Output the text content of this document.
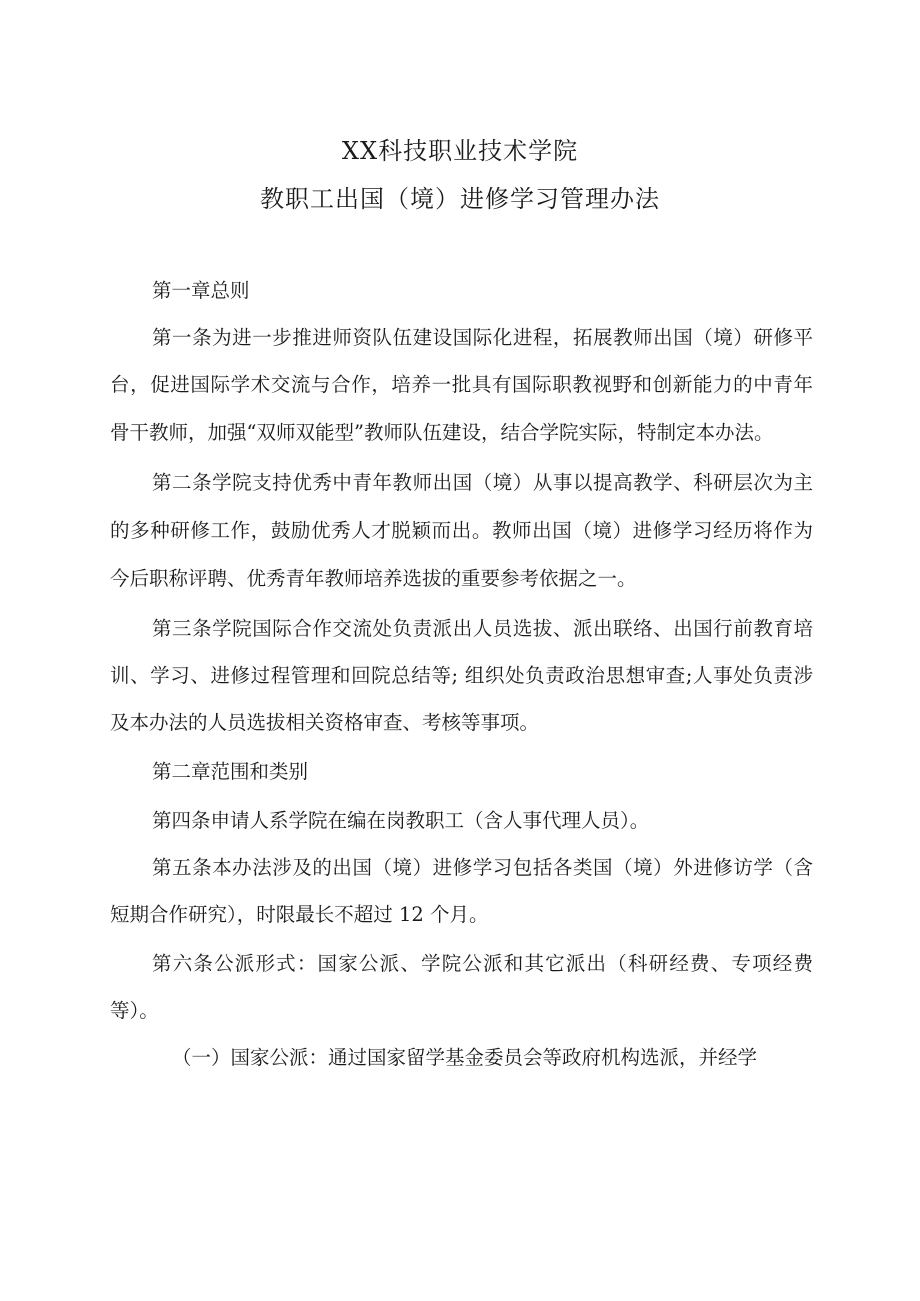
XX科技职业技术学院
教职工出国（境）进修学习管理办法
第一章总则
第一条为进一步推进师资队伍建设国际化进程，拓展教师出国（境）研修平
台，促进国际学术交流与合作，培养一批具有国际职教视野和创新能力的中青年
骨干教师，加强“双师双能型”教师队伍建设，结合学院实际，特制定本办法。
第二条学院支持优秀中青年教师出国（境）从事以提高教学、科研层次为主
的多种研修工作，鼓励优秀人才脱颖而出。教师出国（境）进修学习经历将作为
今后职称评聘、优秀青年教师培养选拔的重要参考依据之一。
第三条学院国际合作交流处负责派出人员选拔、派出联络、出国行前教育培
训、学习、进修过程管理和回院总结等; 组织处负责政治思想审查;人事处负责涉
及本办法的人员选拔相关资格审查、考核等事项。
第二章范围和类别
第四条申请人系学院在编在岗教职工（含人事代理人员）。
第五条本办法涉及的出国（境）进修学习包括各类国（境）外进修访学（含
短期合作研究），时限最长不超过 12 个月。
第六条公派形式：国家公派、学院公派和其它派出（科研经费、专项经费
等）。
（一）国家公派：通过国家留学基金委员会等政府机构选派，并经学
